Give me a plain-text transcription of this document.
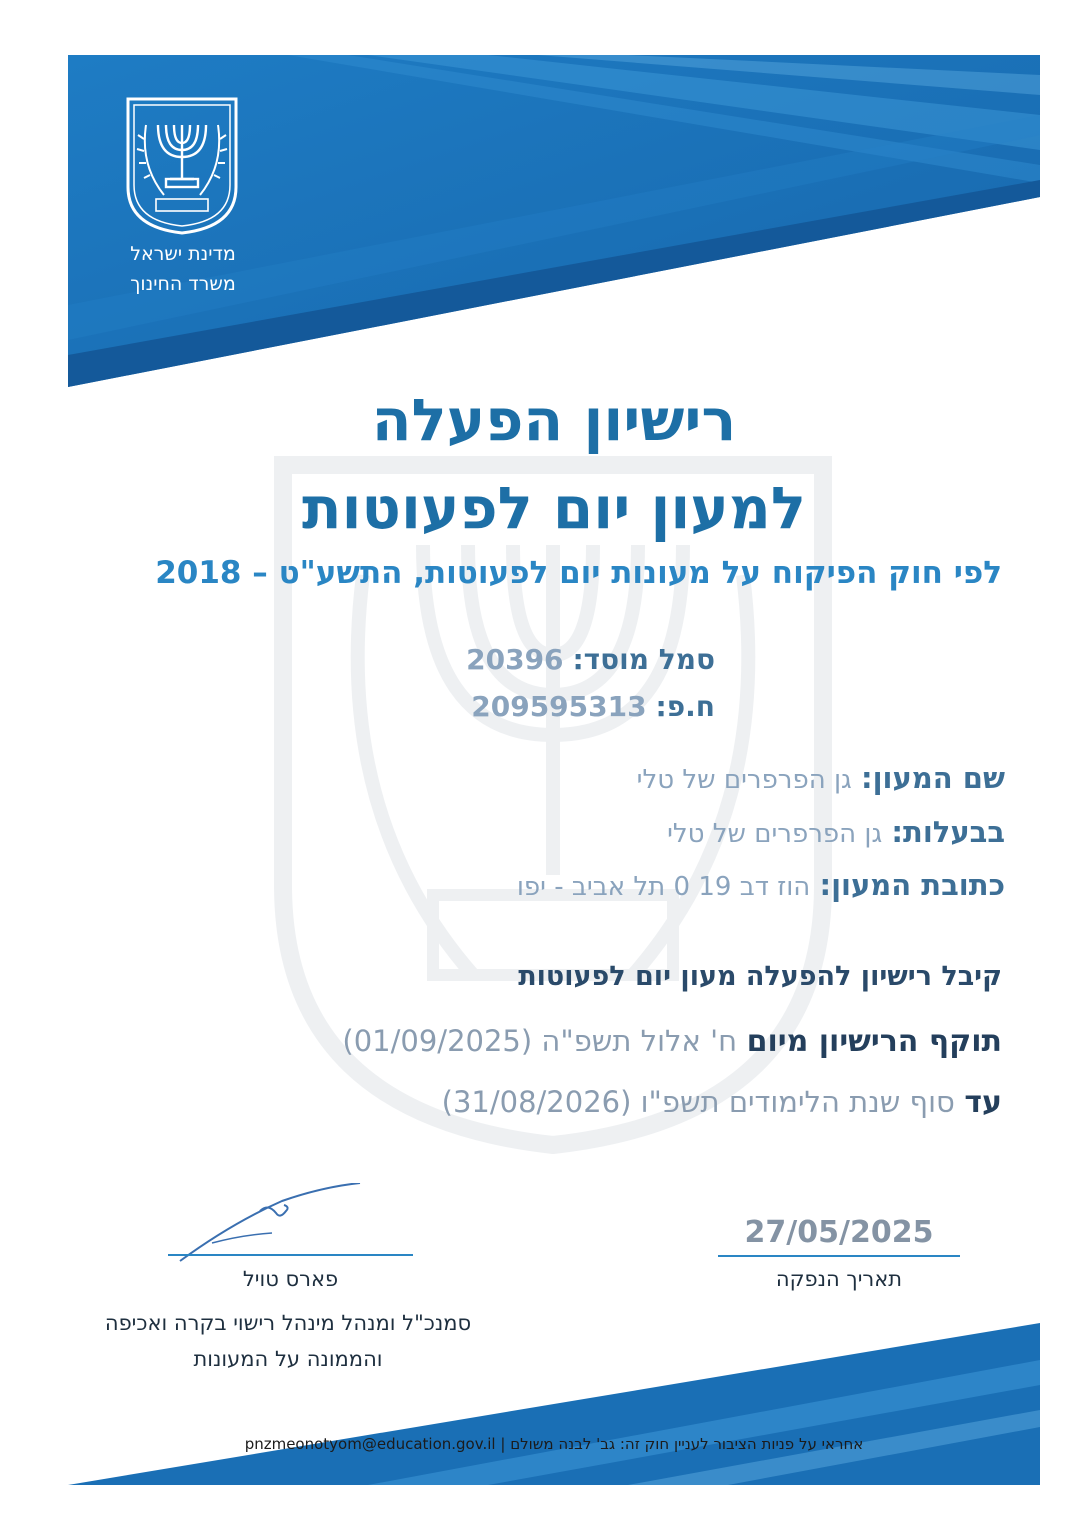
מדינת ישראל
משרד החינוך
רישיון הפעלה
למעון יום לפעוטות
לפי חוק הפיקוח על מעונות יום לפעוטות, התשע"ט – 2018
סמל מוסד: 20396
ח.פ: 209595313
שם המעון: גן הפרפרים של טלי
בבעלות: גן הפרפרים של טלי
כתובת המעון: הוז דב 19 0 תל אביב - יפו
קיבל רישיון להפעלה מעון יום לפעוטות
תוקף הרישיון מיום ח' אלול תשפ"ה (01/09/2025)
עד סוף שנת הלימודים תשפ"ו (31/08/2026)
פארס טויל
סמנכ"ל ומנהל מינהל רישוי בקרה ואכיפה
והממונה על המעונות
27/05/2025
תאריך הנפקה
pnzmeonotyom@education.gov.il | אחראי על פניות הציבור לעניין חוק זה: גב' לבנה משולם
